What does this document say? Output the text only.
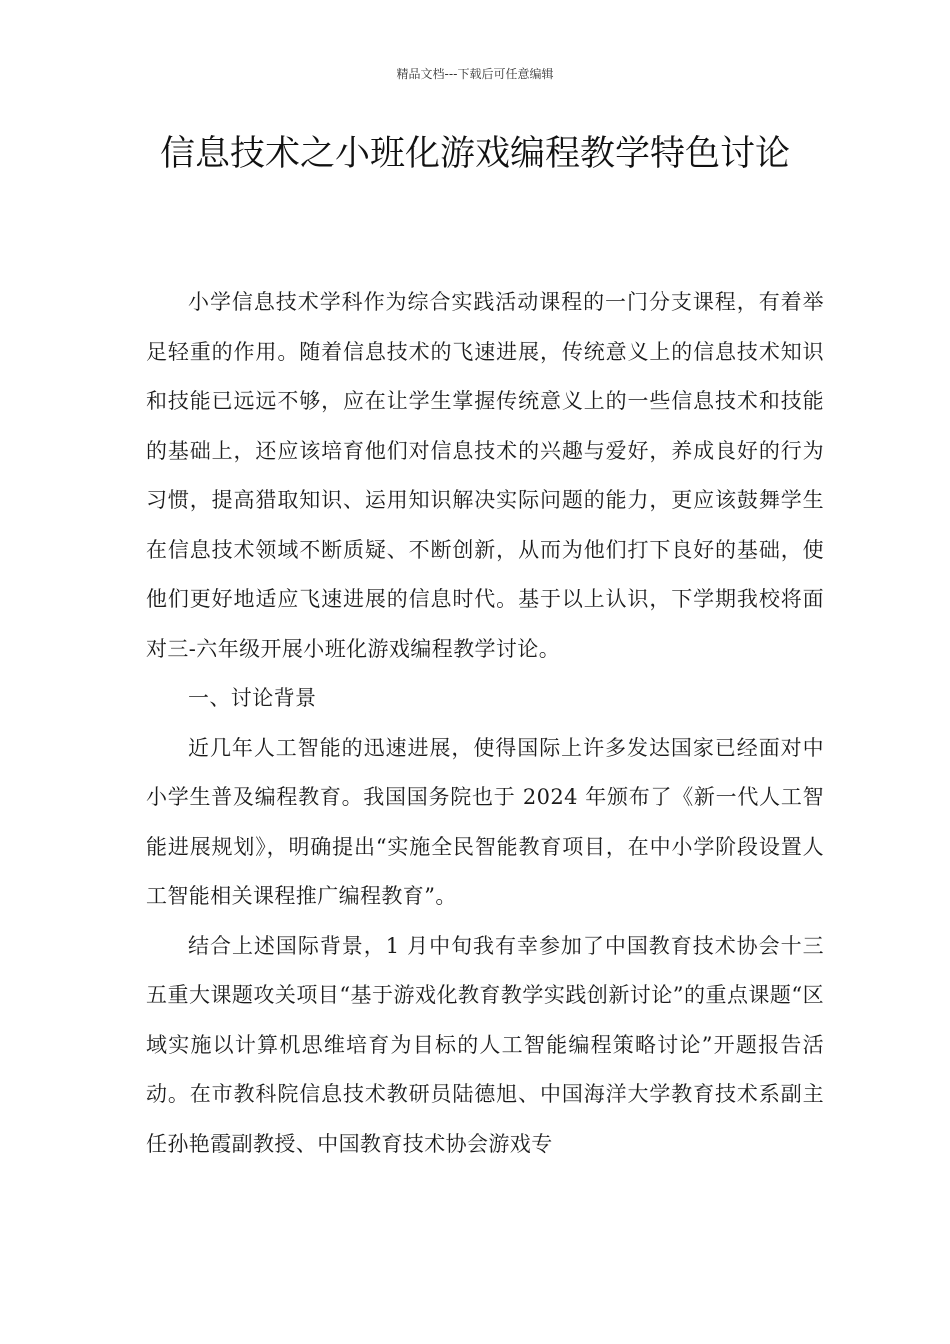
精品文档---下载后可任意编辑
信息技术之小班化游戏编程教学特色讨论

小学信息技术学科作为综合实践活动课程的一门分支课程，有着举足轻重的作用。随着信息技术的飞速进展，传统意义上的信息技术知识和技能已远远不够，应在让学生掌握传统意义上的一些信息技术和技能的基础上，还应该培育他们对信息技术的兴趣与爱好，养成良好的行为习惯，提高猎取知识、运用知识解决实际问题的能力，更应该鼓舞学生在信息技术领域不断质疑、不断创新，从而为他们打下良好的基础，使他们更好地适应飞速进展的信息时代。基于以上认识，下学期我校将面对三-六年级开展小班化游戏编程教学讨论。

一、讨论背景

近几年人工智能的迅速进展，使得国际上许多发达国家已经面对中小学生普及编程教育。我国国务院也于 2024 年颁布了《新一代人工智能进展规划》，明确提出“实施全民智能教育项目，在中小学阶段设置人工智能相关课程推广编程教育”。

结合上述国际背景，1 月中旬我有幸参加了中国教育技术协会十三五重大课题攻关项目“基于游戏化教育教学实践创新讨论”的重点课题“区域实施以计算机思维培育为目标的人工智能编程策略讨论”开题报告活动。在市教科院信息技术教研员陆德旭、中国海洋大学教育技术系副主任孙艳霞副教授、中国教育技术协会游戏专
